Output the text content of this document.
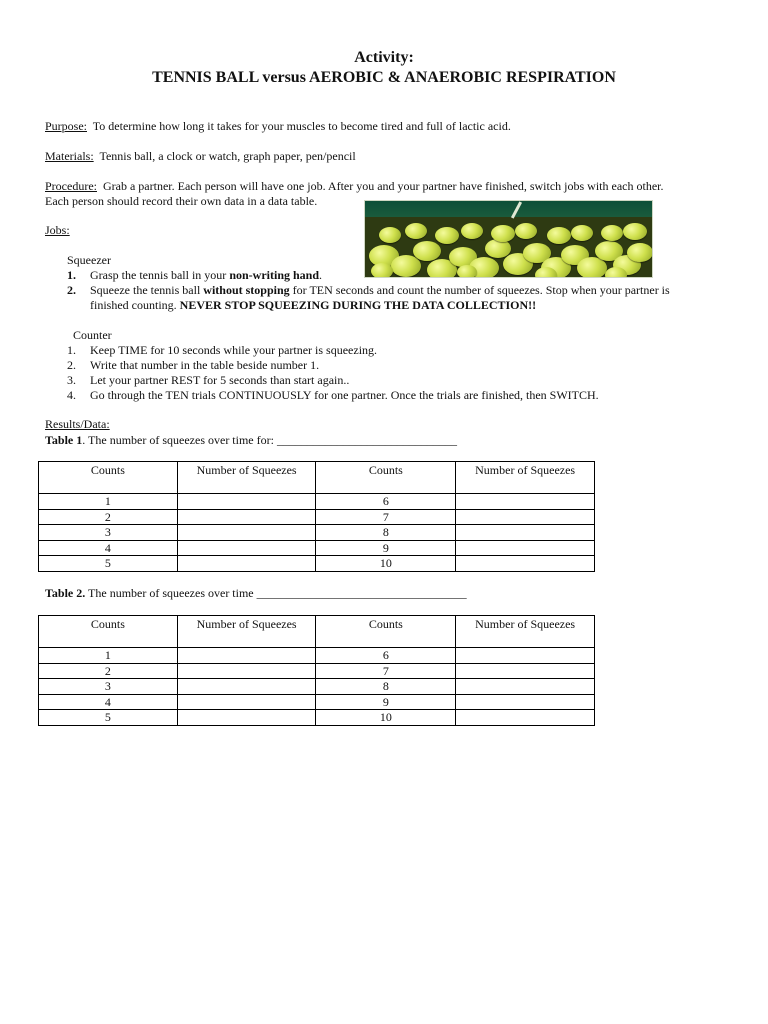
Activity:
TENNIS BALL versus AEROBIC & ANAEROBIC RESPIRATION
Purpose: To determine how long it takes for your muscles to become tired and full of lactic acid.
Materials: Tennis ball, a clock or watch, graph paper, pen/pencil
Procedure: Grab a partner. Each person will have one job. After you and your partner have finished, switch jobs with each other.
Each person should record their own data in a data table.
Jobs:
Squeezer
1. Grasp the tennis ball in your non-writing hand.
2. Squeeze the tennis ball without stopping for TEN seconds and count the number of squeezes. Stop when your partner is
finished counting. NEVER STOP SQUEEZING DURING THE DATA COLLECTION!!
Counter
1. Keep TIME for 10 seconds while your partner is squeezing.
2. Write that number in the table beside number 1.
3. Let your partner REST for 5 seconds than start again..
4. Go through the TEN trials CONTINUOUSLY for one partner. Once the trials are finished, then SWITCH.
Results/Data:
Table 1. The number of squeezes over time for: ______________________________
Counts	Number of Squeezes	Counts	Number of Squeezes
1		6	
2		7	
3		8	
4		9	
5		10	
Table 2. The number of squeezes over time ___________________________________
Counts	Number of Squeezes	Counts	Number of Squeezes
1		6	
2		7	
3		8	
4		9	
5		10	
